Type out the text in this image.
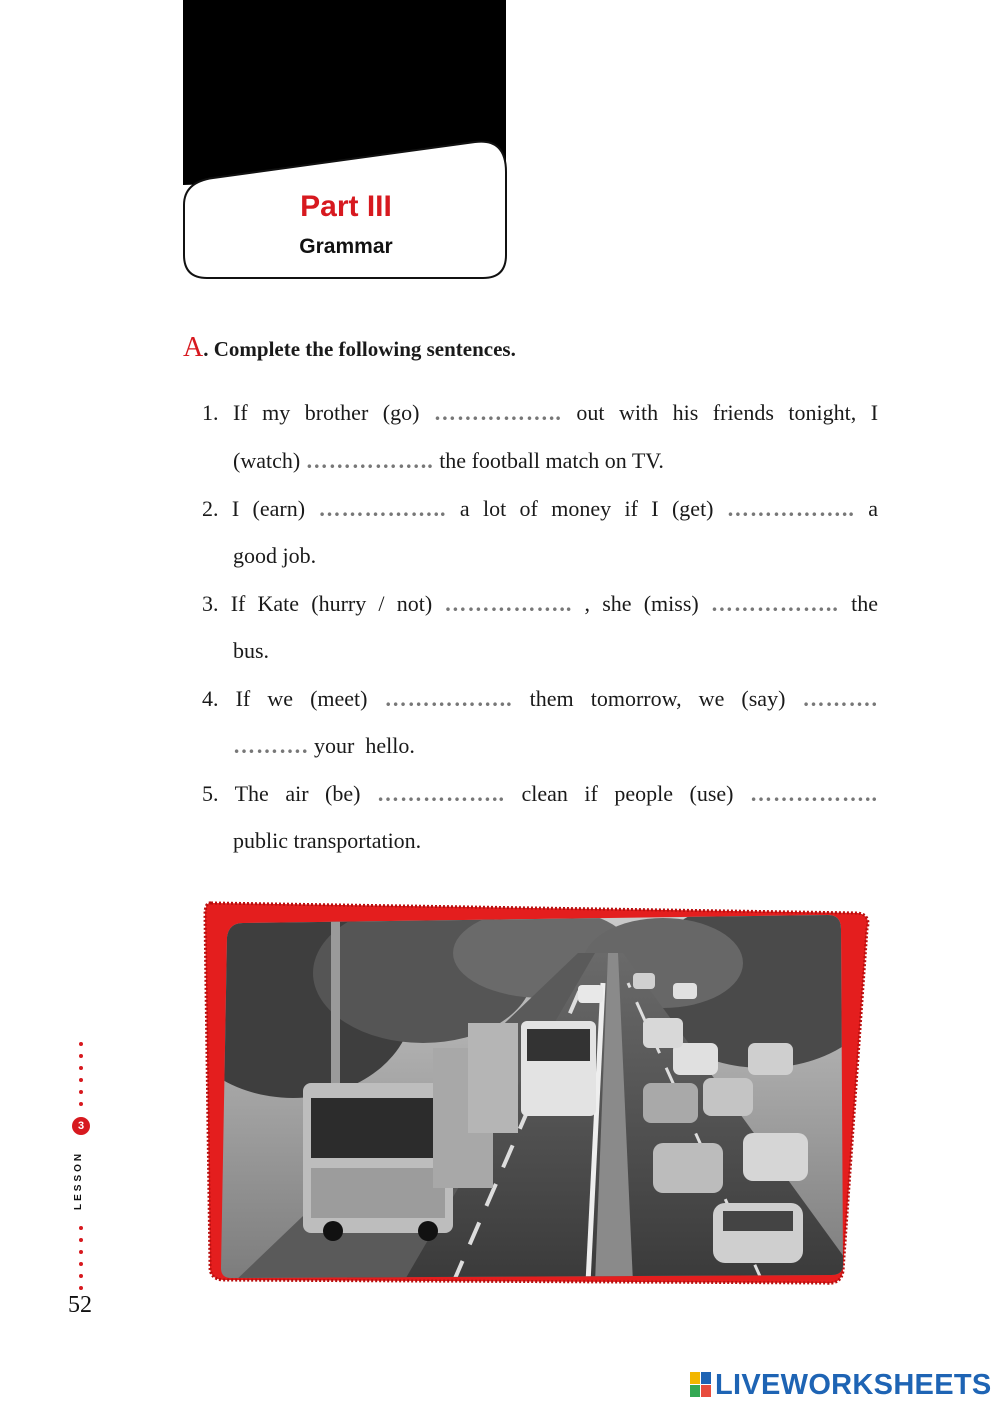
Part III
Grammar
A. Complete the following sentences.
1. If my brother (go) …………….. out with his friends tonight, I
(watch) …………….. the football match on TV.
2. I (earn) …………….. a lot of money if I (get) …………….. a
good job.
3. If Kate (hurry / not) …………….. , she (miss) …………….. the
bus.
4. If we (meet) …………….. them tomorrow, we (say) ……….
………. your hello.
5. The air (be) …………….. clean if people (use) ……………..
public transportation.
3
LESSON
52
LIVEWORKSHEETS
